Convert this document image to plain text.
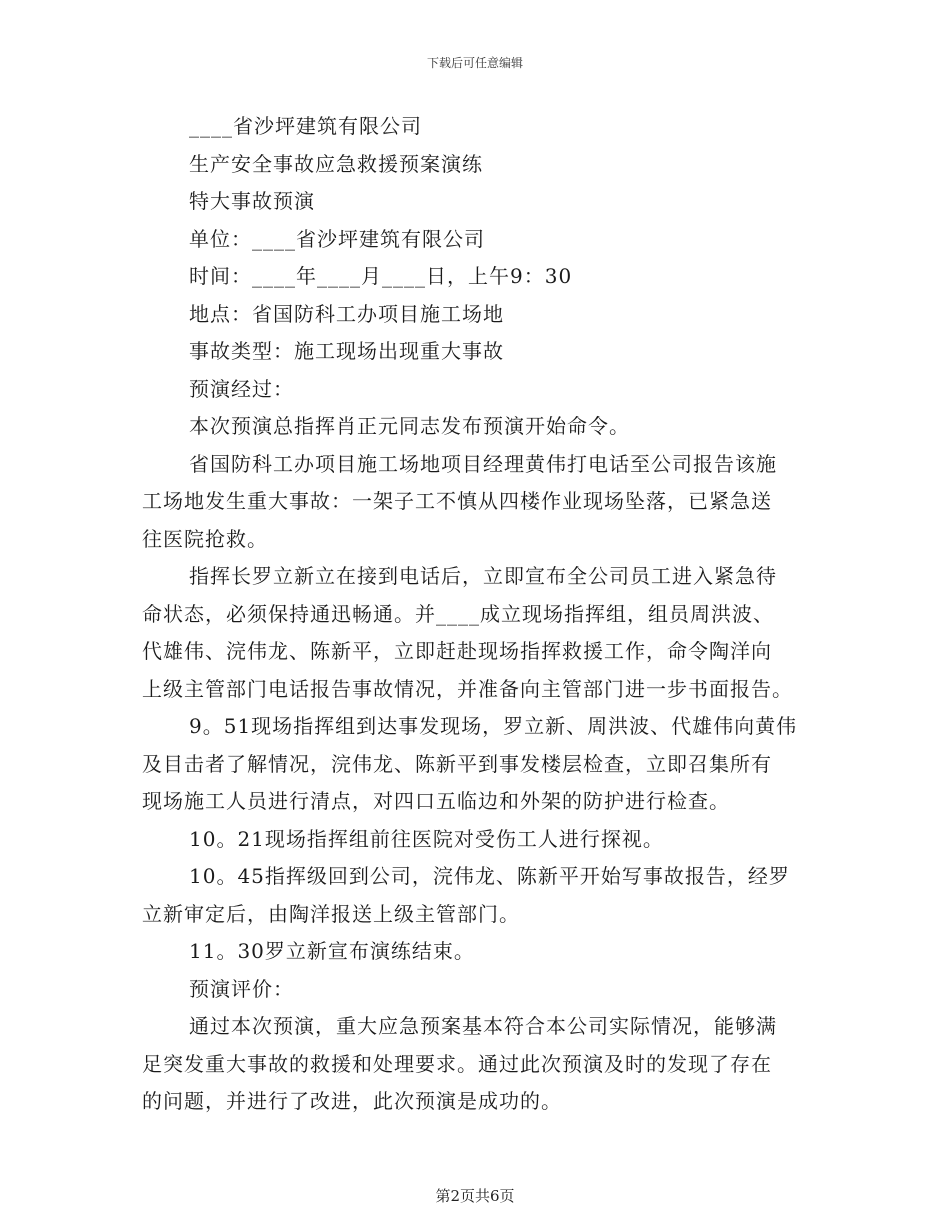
下载后可任意编辑
____省沙坪建筑有限公司
生产安全事故应急救援预案演练
特大事故预演
单位：____省沙坪建筑有限公司
时间：____年____月____日，上午9：30
地点：省国防科工办项目施工场地
事故类型：施工现场出现重大事故
预演经过：
本次预演总指挥肖正元同志发布预演开始命令。
省国防科工办项目施工场地项目经理黄伟打电话至公司报告该施
工场地发生重大事故：一架子工不慎从四楼作业现场坠落，已紧急送
往医院抢救。
指挥长罗立新立在接到电话后，立即宣布全公司员工进入紧急待
命状态，必须保持通迅畅通。并____成立现场指挥组，组员周洪波、
代雄伟、浣伟龙、陈新平，立即赶赴现场指挥救援工作，命令陶洋向
上级主管部门电话报告事故情况，并准备向主管部门进一步书面报告。
9。51现场指挥组到达事发现场，罗立新、周洪波、代雄伟向黄伟
及目击者了解情况，浣伟龙、陈新平到事发楼层检查，立即召集所有
现场施工人员进行清点，对四口五临边和外架的防护进行检查。
10。21现场指挥组前往医院对受伤工人进行探视。
10。45指挥级回到公司，浣伟龙、陈新平开始写事故报告，经罗
立新审定后，由陶洋报送上级主管部门。
11。30罗立新宣布演练结束。
预演评价：
通过本次预演，重大应急预案基本符合本公司实际情况，能够满
足突发重大事故的救援和处理要求。通过此次预演及时的发现了存在
的问题，并进行了改进，此次预演是成功的。
第2页共6页
